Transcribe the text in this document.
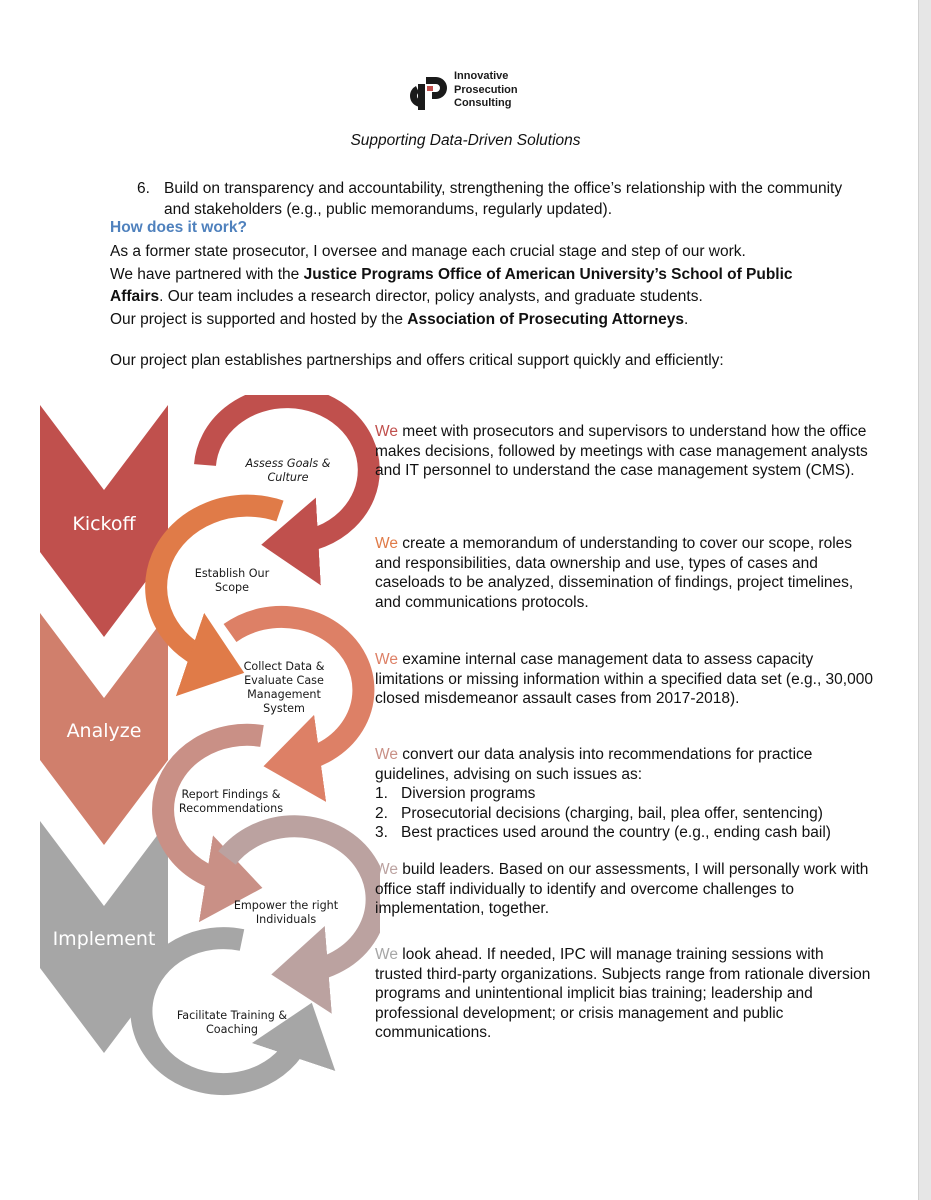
Innovative
Prosecution
Consulting
Supporting Data-Driven Solutions
6. Build on transparency and accountability, strengthening the office’s relationship with the community and stakeholders (e.g., public memorandums, regularly updated).
How does it work?

As a former state prosecutor, I oversee and manage each crucial stage and step of our work.

We have partnered with the Justice Programs Office of American University’s School of Public Affairs. Our team includes a research director, policy analysts, and graduate students.

Our project is supported and hosted by the Association of Prosecuting Attorneys.

Our project plan establishes partnerships and offers critical support quickly and efficiently:
Kickoff
Analyze
Implement
Assess Goals & Culture
Establish Our Scope
Collect Data & Evaluate Case Management System
Report Findings & Recommendations
Empower the right Individuals
Facilitate Training & Coaching

We meet with prosecutors and supervisors to understand how the office makes decisions, followed by meetings with case management analysts and IT personnel to understand the case management system (CMS).

We create a memorandum of understanding to cover our scope, roles and responsibilities, data ownership and use, types of cases and caseloads to be analyzed, dissemination of findings, project timelines, and communications protocols.

We examine internal case management data to assess capacity limitations or missing information within a specified data set (e.g., 30,000 closed misdemeanor assault cases from 2017-2018).

We convert our data analysis into recommendations for practice guidelines, advising on such issues as:

1. Diversion programs
2. Prosecutorial decisions (charging, bail, plea offer, sentencing)
3. Best practices used around the country (e.g., ending cash bail)

We build leaders. Based on our assessments, I will personally work with office staff individually to identify and overcome challenges to implementation, together.

We look ahead. If needed, IPC will manage training sessions with trusted third-party organizations. Subjects range from rationale diversion programs and unintentional implicit bias training; leadership and professional development; or crisis management and public communications.
